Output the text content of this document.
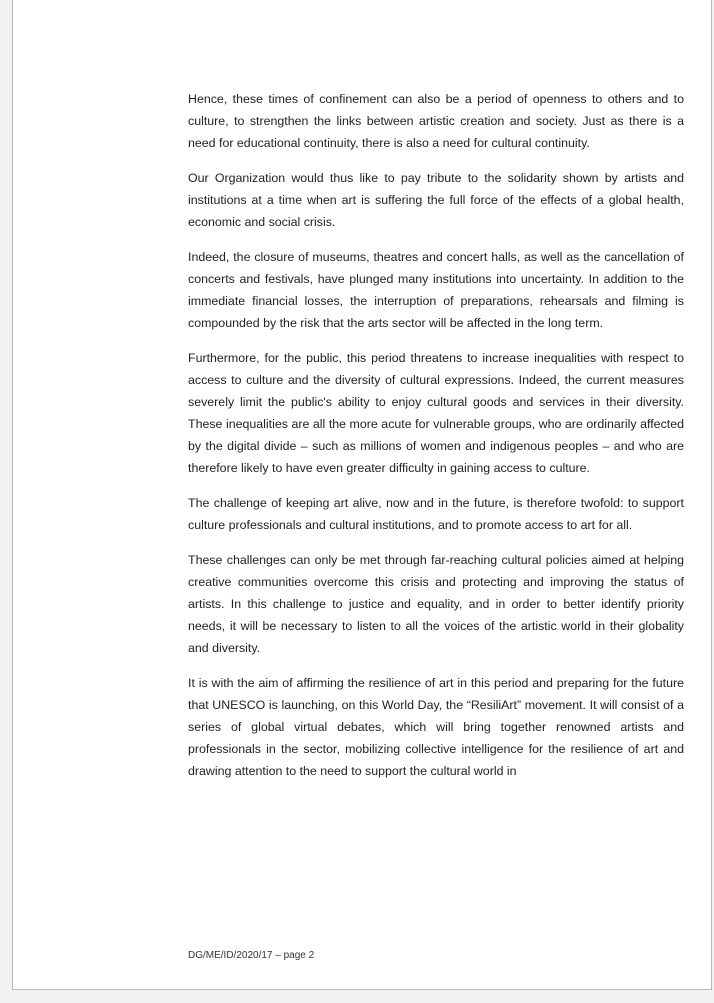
Hence, these times of confinement can also be a period of openness to others and to culture, to strengthen the links between artistic creation and society. Just as there is a need for educational continuity, there is also a need for cultural continuity.

Our Organization would thus like to pay tribute to the solidarity shown by artists and institutions at a time when art is suffering the full force of the effects of a global health, economic and social crisis.

Indeed, the closure of museums, theatres and concert halls, as well as the cancellation of concerts and festivals, have plunged many institutions into uncertainty. In addition to the immediate financial losses, the interruption of preparations, rehearsals and filming is compounded by the risk that the arts sector will be affected in the long term.

Furthermore, for the public, this period threatens to increase inequalities with respect to access to culture and the diversity of cultural expressions. Indeed, the current measures severely limit the public's ability to enjoy cultural goods and services in their diversity. These inequalities are all the more acute for vulnerable groups, who are ordinarily affected by the digital divide – such as millions of women and indigenous peoples – and who are therefore likely to have even greater difficulty in gaining access to culture.

The challenge of keeping art alive, now and in the future, is therefore twofold: to support culture professionals and cultural institutions, and to promote access to art for all.

These challenges can only be met through far-reaching cultural policies aimed at helping creative communities overcome this crisis and protecting and improving the status of artists. In this challenge to justice and equality, and in order to better identify priority needs, it will be necessary to listen to all the voices of the artistic world in their globality and diversity.

It is with the aim of affirming the resilience of art in this period and preparing for the future that UNESCO is launching, on this World Day, the “ResiliArt” movement. It will consist of a series of global virtual debates, which will bring together renowned artists and professionals in the sector, mobilizing collective intelligence for the resilience of art and drawing attention to the need to support the cultural world in

DG/ME/ID/2020/17 – page 2
